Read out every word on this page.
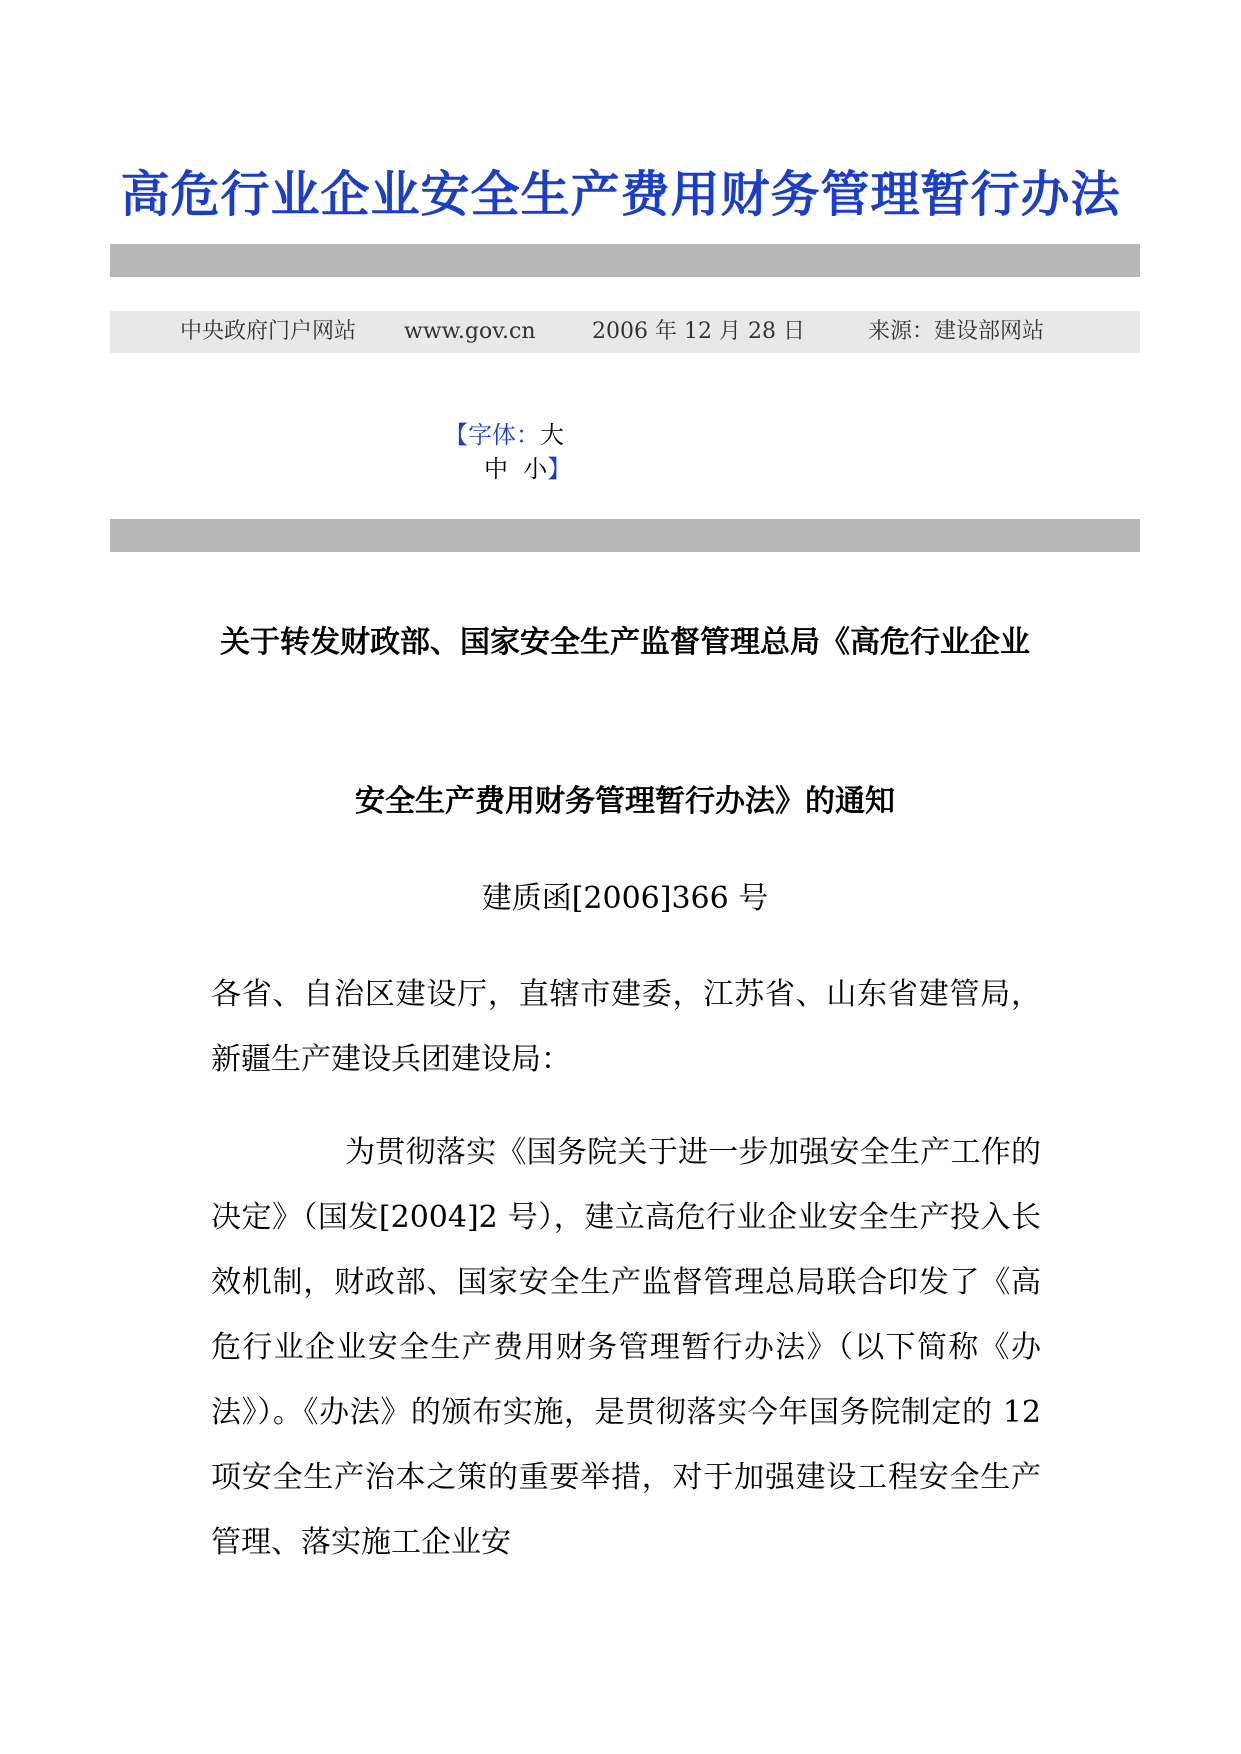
高危行业企业安全生产费用财务管理暂行办法
中央政府门户网站 www.gov.cn	2006 年 12 月 28 日	来源：建设部网站
【字体：大
中 小】
关于转发财政部、国家安全生产监督管理总局《高危行业企业
安全生产费用财务管理暂行办法》的通知
建质函[2006]366 号

各省、自治区建设厅，直辖市建委，江苏省、山东省建管局，新疆生产建设兵团建设局：

为贯彻落实《国务院关于进一步加强安全生产工作的决定》（国发[2004]2 号），建立高危行业企业安全生产投入长效机制，财政部、国家安全生产监督管理总局联合印发了《高危行业企业安全生产费用财务管理暂行办法》（以下简称《办法》）。《办法》的颁布实施，是贯彻落实今年国务院制定的 12 项安全生产治本之策的重要举措，对于加强建设工程安全生产管理、落实施工企业安
